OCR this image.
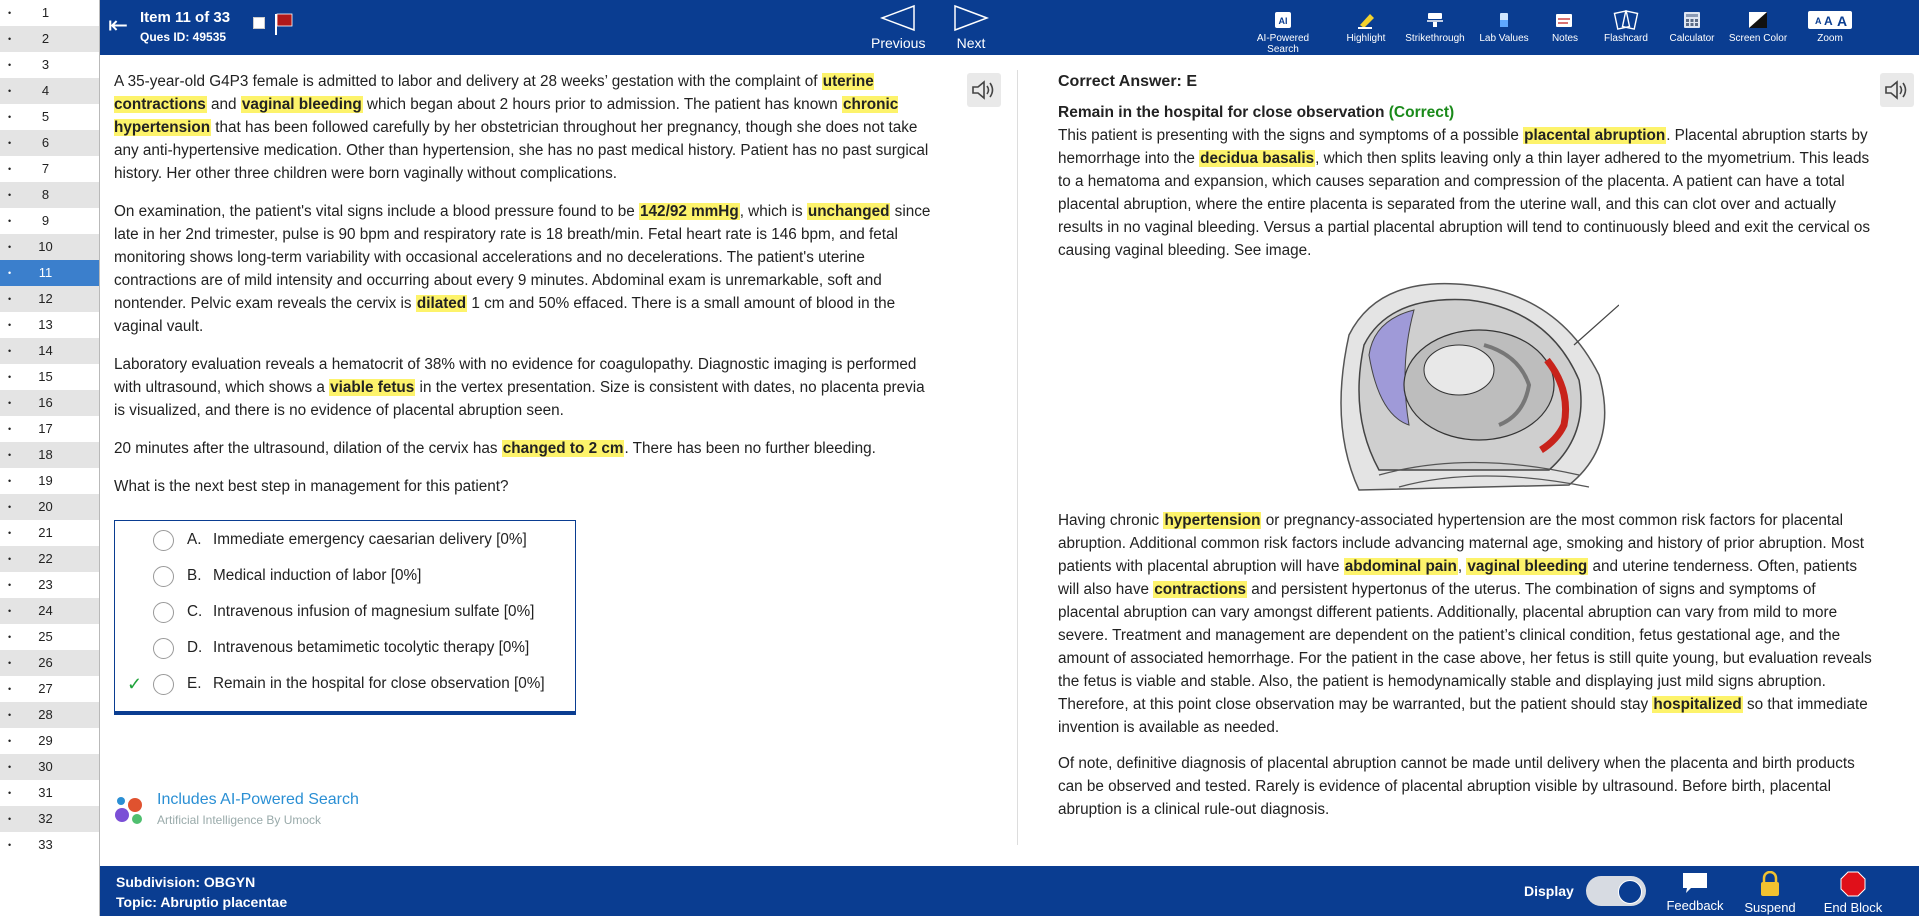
•	1
•	2
•	3
•	4
•	5
•	6
•	7
•	8
•	9
•	10
•	11
•	12
•	13
•	14
•	15
•	16
•	17
•	18
•	19
•	20
•	21
•	22
•	23
•	24
•	25
•	26
•	27
•	28
•	29
•	30
•	31
•	32
•	33
⇤ Item 11 of 33
Ques ID: 49535	Previous Next
AI
AI-Powered Search
Highlight	Strikethrough	Lab Values	Notes	Flashcard	Calculator	Screen Color
A A A
Zoom

A 35-year-old G4P3 female is admitted to labor and delivery at 28 weeks’ gestation with the complaint of uterine contractions and vaginal bleeding which began about 2 hours prior to admission. The patient has known chronic hypertension that has been followed carefully by her obstetrician throughout her pregnancy, though she does not take any anti-hypertensive medication. Other than hypertension, she has no past medical history. Patient has no past surgical history. Her other three children were born vaginally without complications.

On examination, the patient's vital signs include a blood pressure found to be 142/92 mmHg, which is unchanged since late in her 2nd trimester, pulse is 90 bpm and respiratory rate is 18 breath/min. Fetal heart rate is 146 bpm, and fetal monitoring shows long-term variability with occasional accelerations and no decelerations. The patient's uterine contractions are of mild intensity and occurring about every 9 minutes. Abdominal exam is unremarkable, soft and nontender. Pelvic exam reveals the cervix is dilated 1 cm and 50% effaced. There is a small amount of blood in the vaginal vault.

Laboratory evaluation reveals a hematocrit of 38% with no evidence for coagulopathy. Diagnostic imaging is performed with ultrasound, which shows a viable fetus in the vertex presentation. Size is consistent with dates, no placenta previa is visualized, and there is no evidence of placental abruption seen.

20 minutes after the ultrasound, dilation of the cervix has changed to 2 cm. There has been no further bleeding.

What is the next best step in management for this patient?

A. Immediate emergency caesarian delivery [0%]
B. Medical induction of labor [0%]
C. Intravenous infusion of magnesium sulfate [0%]
D. Intravenous betamimetic tocolytic therapy [0%]
✓	E. Remain in the hospital for close observation [0%]
Includes AI-Powered Search
Artificial Intelligence By Umock

Correct Answer: E

Remain in the hospital for close observation (Correct)

This patient is presenting with the signs and symptoms of a possible placental abruption. Placental abruption starts by hemorrhage into the decidua basalis, which then splits leaving only a thin layer adhered to the myometrium. This leads to a hematoma and expansion, which causes separation and compression of the placenta. A patient can have a total placental abruption, where the entire placenta is separated from the uterine wall, and this can clot over and actually results in no vaginal bleeding. Versus a partial placental abruption will tend to continuously bleed and exit the cervical os causing vaginal bleeding. See image.

Having chronic hypertension or pregnancy-associated hypertension are the most common risk factors for placental abruption. Additional common risk factors include advancing maternal age, smoking and history of prior abruption. Most patients with placental abruption will have abdominal pain, vaginal bleeding and uterine tenderness. Often, patients will also have contractions and persistent hypertonus of the uterus. The combination of signs and symptoms of placental abruption can vary amongst different patients. Additionally, placental abruption can vary from mild to more severe. Treatment and management are dependent on the patient’s clinical condition, fetus gestational age, and the amount of associated hemorrhage. For the patient in the case above, her fetus is still quite young, but evaluation reveals the fetus is viable and stable. Also, the patient is hemodynamically stable and displaying just mild signs abruption. Therefore, at this point close observation may be warranted, but the patient should stay hospitalized so that immediate invention is available as needed.

Of note, definitive diagnosis of placental abruption cannot be made until delivery when the placenta and birth products can be observed and tested. Rarely is evidence of placental abruption visible by ultrasound. Before birth, placental abruption is a clinical rule-out diagnosis.

Subdivision: OBGYN
Topic: Abruptio placentae
Display
Feedback	Suspend	End Block
